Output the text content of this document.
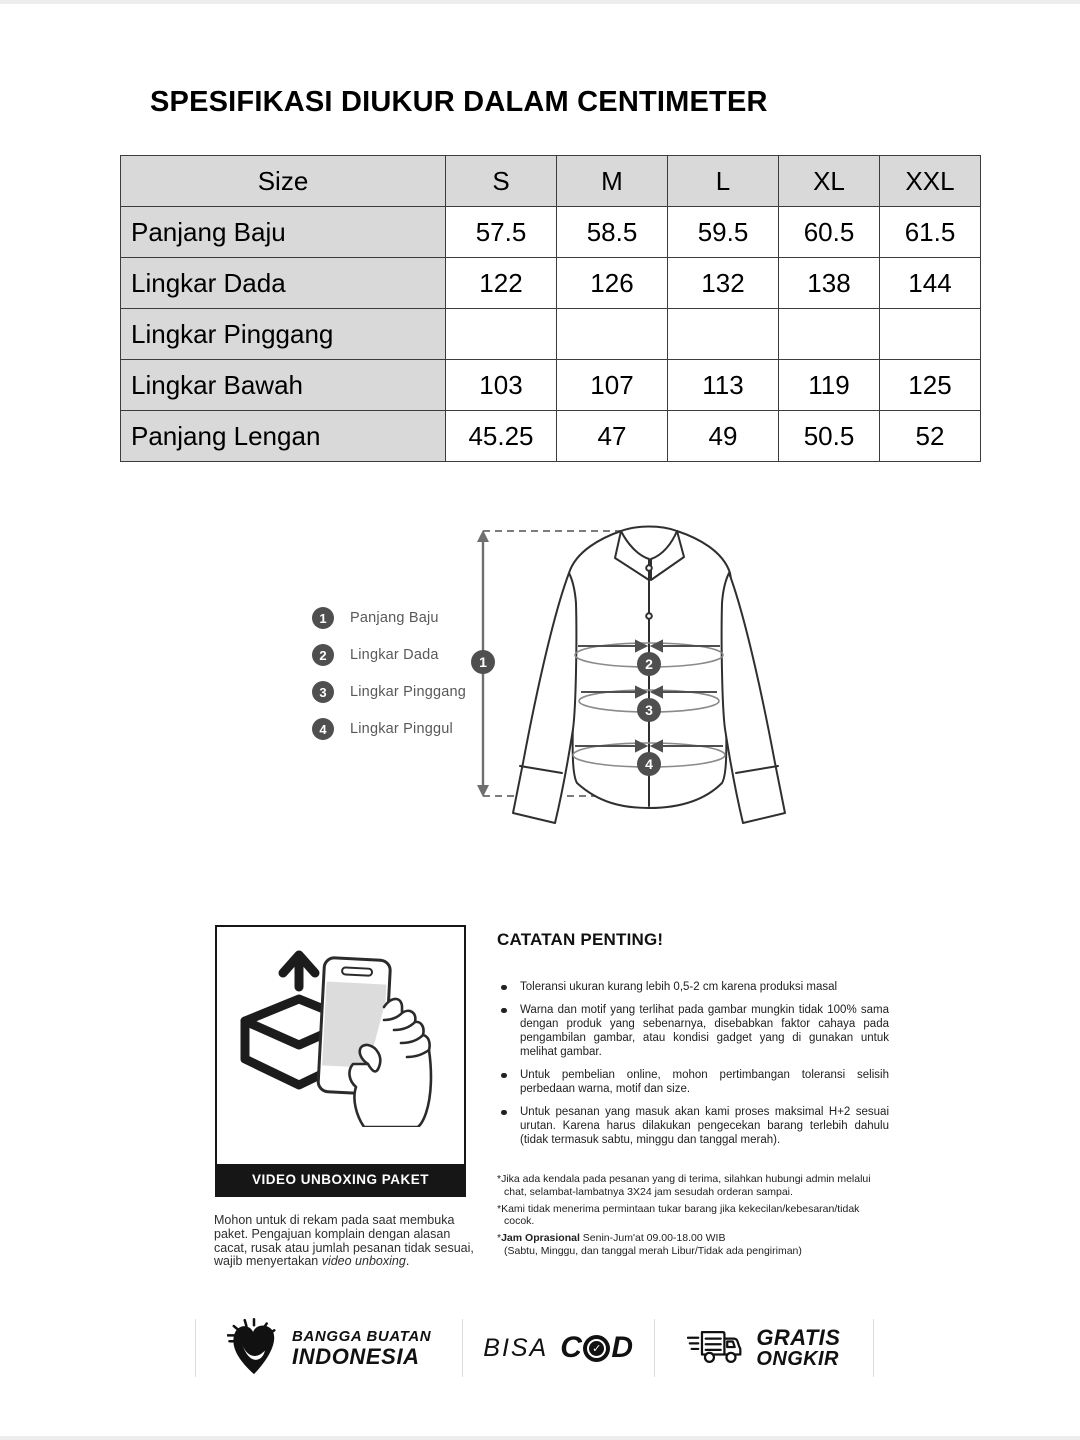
SPESIFIKASI DIUKUR DALAM CENTIMETER
Size	S	M	L	XL	XXL
Panjang Baju	57.5	58.5	59.5	60.5	61.5
Lingkar Dada	122	126	132	138	144
Lingkar Pinggang					
Lingkar Bawah	103	107	113	119	125
Panjang Lengan	45.25	47	49	50.5	52
1	Panjang Baju
2	Lingkar Dada
3	Lingkar Pinggang
4	Lingkar Pinggul
1	2
3
4
VIDEO UNBOXING PAKET
Mohon untuk di rekam pada saat membuka paket. Pengajuan komplain dengan alasan cacat, rusak atau jumlah pesanan tidak sesuai, wajib menyertakan video unboxing.
CATATAN PENTING!
Toleransi ukuran kurang lebih 0,5-2 cm karena produksi masal
Warna dan motif yang terlihat pada gambar mungkin tidak 100% sama dengan produk yang sebenarnya, disebabkan faktor cahaya pada pengambilan gambar, atau kondisi gadget yang di gunakan untuk melihat gambar.
Untuk pembelian online, mohon pertimbangan toleransi selisih perbedaan warna, motif dan size.
Untuk pesanan yang masuk akan kami proses maksimal H+2 sesuai urutan. Karena harus dilakukan pengecekan barang terlebih dahulu (tidak termasuk sabtu, minggu dan tanggal merah).
*Jika ada kendala pada pesanan yang di terima, silahkan hubungi admin melalui chat, selambat-lambatnya 3X24 jam sesudah orderan sampai.
*Kami tidak menerima permintaan tukar barang jika kekecilan/kebesaran/tidak cocok.
*Jam Oprasional Senin-Jum'at 09.00-18.00 WIB
(Sabtu, Minggu, dan tanggal merah Libur/Tidak ada pengiriman)
BANGGA BUATAN
INDONESIA	BISA C ✓ D	GRATIS
ONGKIR
